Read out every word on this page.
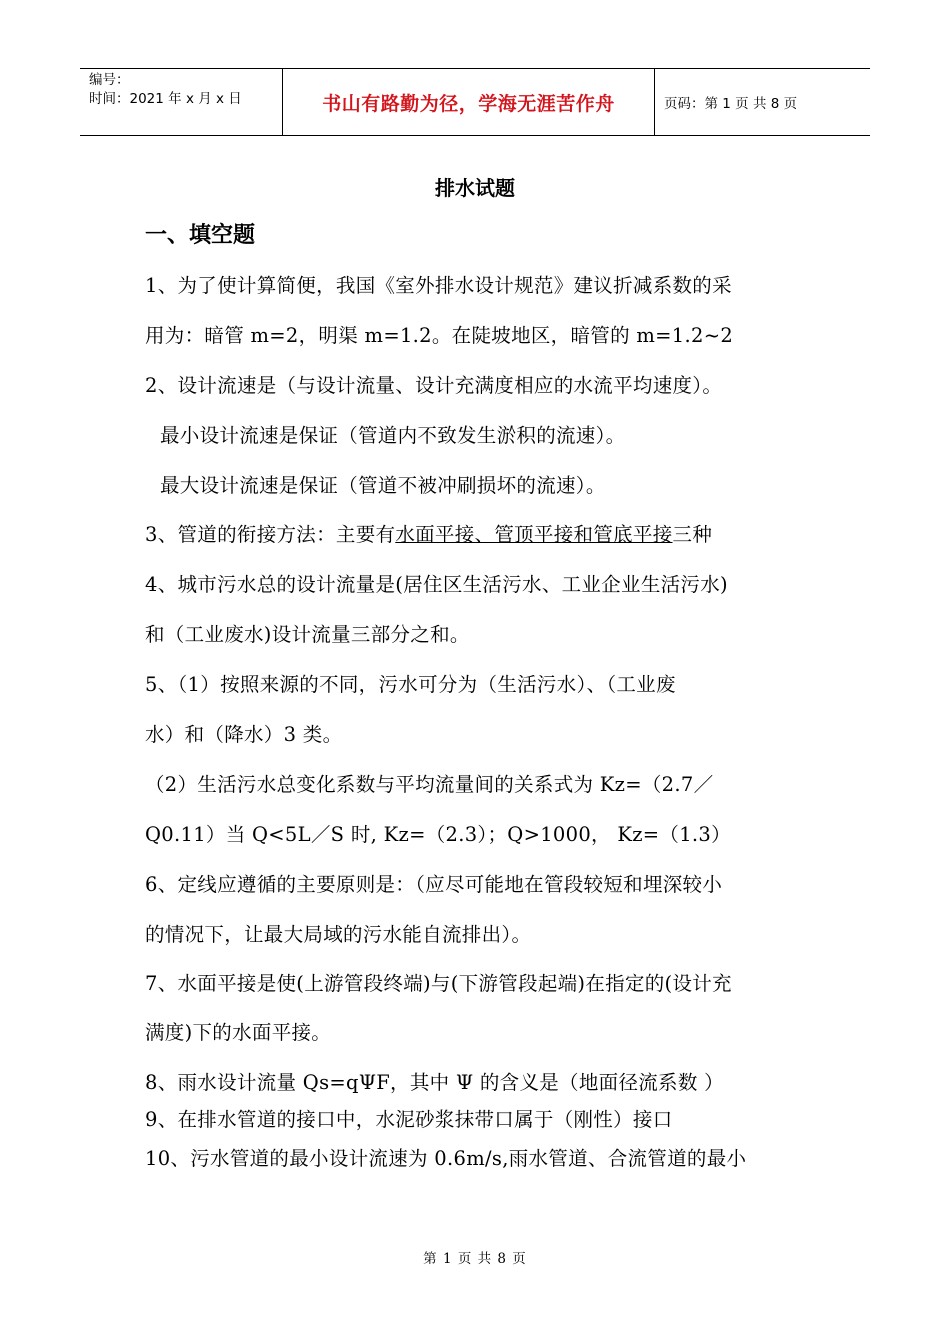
编号：
时间：2021 年 x 月 x 日	书山有路勤为径，学海无涯苦作舟	页码：第 1 页 共 8 页
排水试题
一、填空题
1、为了使计算简便，我国《室外排水设计规范》建议折减系数的采
用为：暗管 m=2，明渠 m=1.2。在陡坡地区，暗管的 m=1.2~2
2、设计流速是（与设计流量、设计充满度相应的水流平均速度）。
最小设计流速是保证（管道内不致发生淤积的流速）。
最大设计流速是保证（管道不被冲刷损坏的流速）。
3、管道的衔接方法：主要有水面平接、管顶平接和管底平接三种
4、城市污水总的设计流量是(居住区生活污水、工业企业生活污水)
和（工业废水)设计流量三部分之和。
5、（1）按照来源的不同，污水可分为（生活污水）、（工业废
水）和（降水）3 类。
（2）生活污水总变化系数与平均流量间的关系式为 Kz=（2.7／
Q0.11）当 Q<5L／S 时, Kz=（2.3）；Q>1000， Kz=（1.3）
6、定线应遵循的主要原则是：（应尽可能地在管段较短和埋深较小
的情况下，让最大局域的污水能自流排出）。
7、水面平接是使(上游管段终端)与(下游管段起端)在指定的(设计充
满度)下的水面平接。
8、雨水设计流量 Qs=qΨF，其中 Ψ 的含义是（地面径流系数 ）
9、在排水管道的接口中，水泥砂浆抹带口属于（刚性）接口
10、污水管道的最小设计流速为 0.6m/s,雨水管道、合流管道的最小
第 1 页 共 8 页
